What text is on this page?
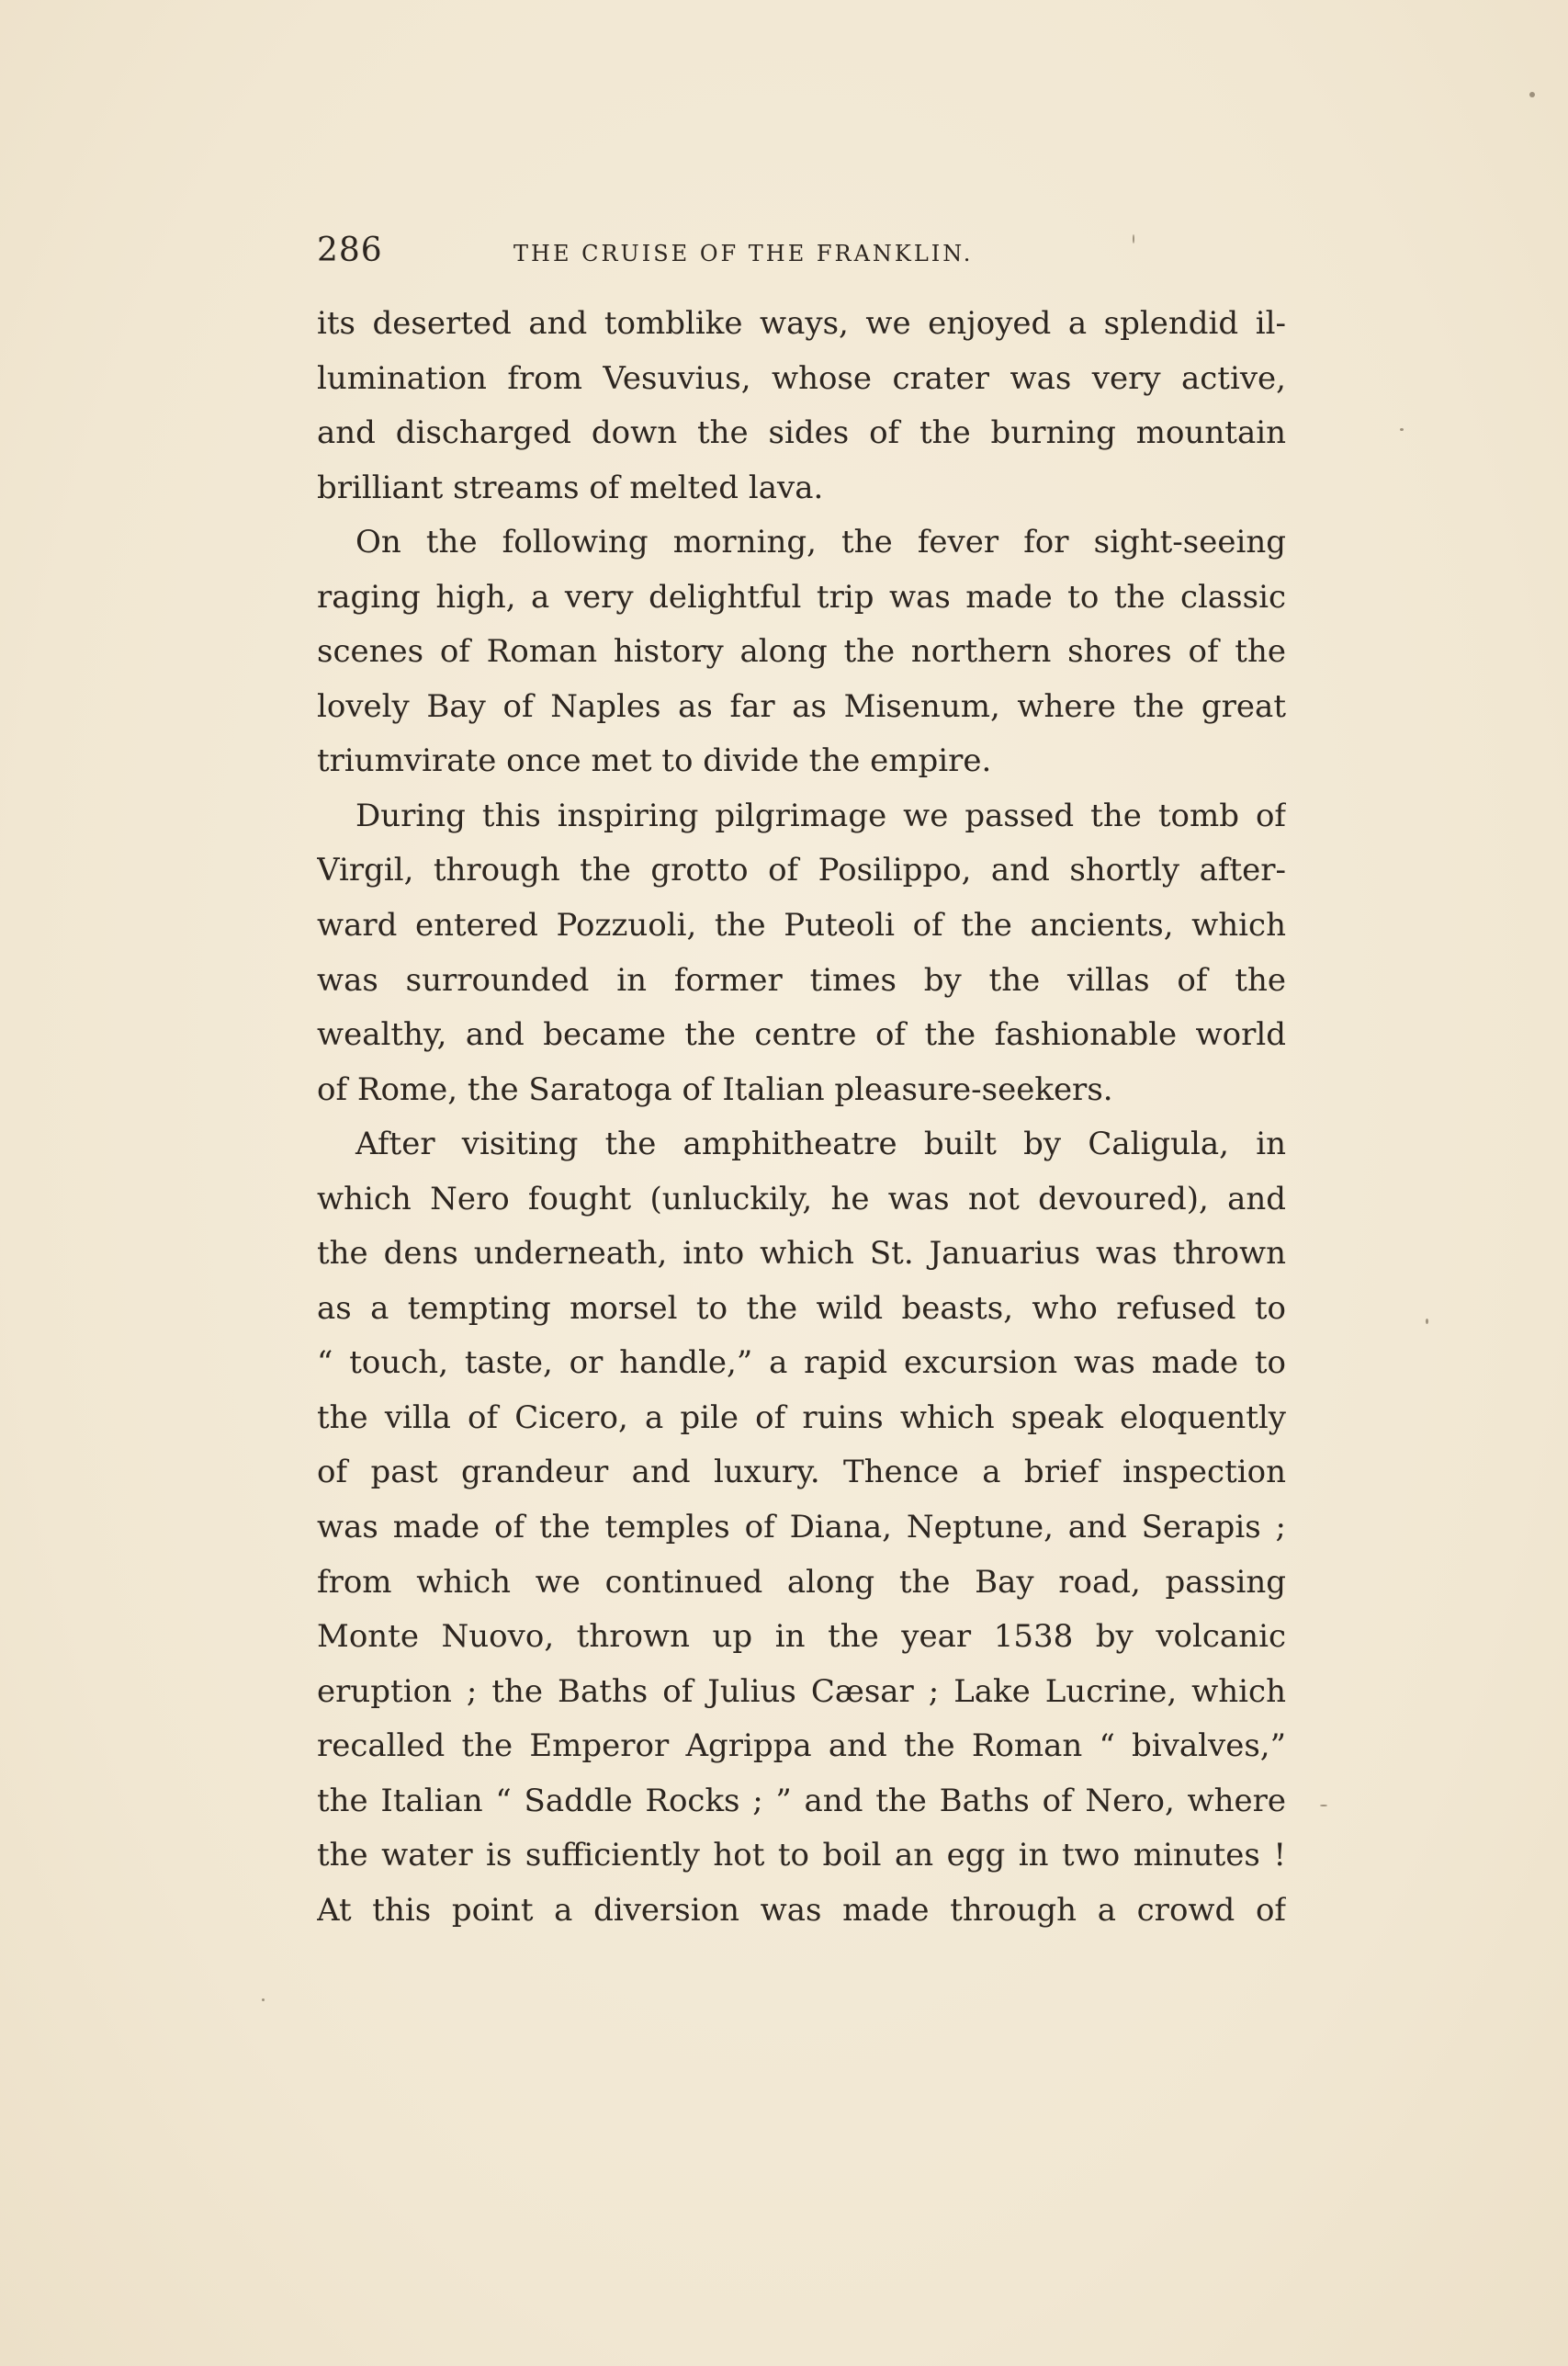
286	THE CRUISE OF THE FRANKLIN.
its deserted and tomblike ways, we enjoyed a splendid il-
lumination from Vesuvius, whose crater was very active,
and discharged down the sides of the burning mountain
brilliant streams of melted lava.
On the following morning, the fever for sight-seeing
raging high, a very delightful trip was made to the classic
scenes of Roman history along the northern shores of the
lovely Bay of Naples as far as Misenum, where the great
triumvirate once met to divide the empire.
During this inspiring pilgrimage we passed the tomb of
Virgil, through the grotto of Posilippo, and shortly after-
ward entered Pozzuoli, the Puteoli of the ancients, which
was surrounded in former times by the villas of the
wealthy, and became the centre of the fashionable world
of Rome, the Saratoga of Italian pleasure-seekers.
After visiting the amphitheatre built by Caligula, in
which Nero fought (unluckily, he was not devoured), and
the dens underneath, into which St. Januarius was thrown
as a tempting morsel to the wild beasts, who refused to
“ touch, taste, or handle,” a rapid excursion was made to
the villa of Cicero, a pile of ruins which speak eloquently
of past grandeur and luxury. Thence a brief inspection
was made of the temples of Diana, Neptune, and Serapis ;
from which we continued along the Bay road, passing
Monte Nuovo, thrown up in the year 1538 by volcanic
eruption ; the Baths of Julius Cæsar ; Lake Lucrine, which
recalled the Emperor Agrippa and the Roman “ bivalves,”
the Italian “ Saddle Rocks ; ” and the Baths of Nero, where
the water is sufficiently hot to boil an egg in two minutes !
At this point a diversion was made through a crowd of
